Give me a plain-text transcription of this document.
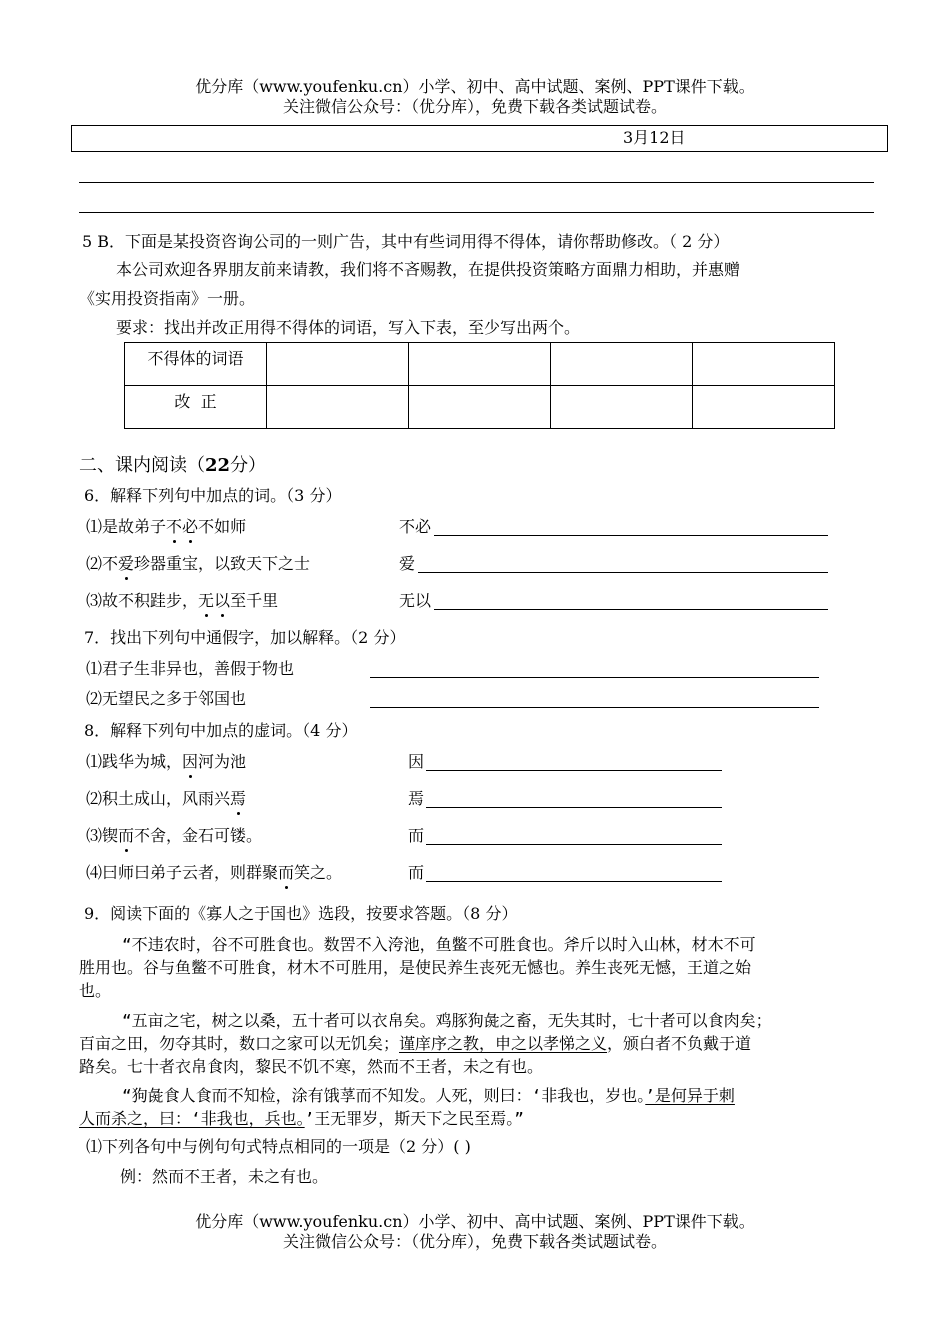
优分库（www.youfenku.cn）小学、初中、高中试题、案例、PPT课件下载。
关注微信公众号：（优分库），免费下载各类试题试卷。
3月12日
5 B．下面是某投资咨询公司的一则广告，其中有些词用得不得体，请你帮助修改。（ 2 分）
本公司欢迎各界朋友前来请教，我们将不吝赐教，在提供投资策略方面鼎力相助，并惠赠
《实用投资指南》一册。
要求：找出并改正用得不得体的词语，写入下表，至少写出两个。
不得体的词语				
改  正				
二、课内阅读（22分）
6．解释下列句中加点的词。（3 分）
⑴是故弟子不必不如师	不必
⑵不爱珍器重宝，以致天下之士	爱
⑶故不积跬步，无以至千里	无以
7．找出下列句中通假字，加以解释。（2 分）
⑴君子生非异也，善假于物也
⑵无望民之多于邻国也
8．解释下列句中加点的虚词。（4 分）
⑴践华为城，因河为池	因
⑵积土成山，风雨兴焉	焉
⑶锲而不舍，金石可镂。	而
⑷曰师曰弟子云者，则群聚而笑之。	而
9．阅读下面的《寡人之于国也》选段，按要求答题。（8 分）
“不违农时，谷不可胜食也。数罟不入洿池，鱼鳖不可胜食也。斧斤以时入山林，材木不可
胜用也。谷与鱼鳖不可胜食，材木不可胜用，是使民养生丧死无憾也。养生丧死无憾，王道之始
也。
“五亩之宅，树之以桑，五十者可以衣帛矣。鸡豚狗彘之畜，无失其时，七十者可以食肉矣；
百亩之田，勿夺其时，数口之家可以无饥矣；谨庠序之教，申之以孝悌之义，颁白者不负戴于道
路矣。七十者衣帛食肉，黎民不饥不寒，然而不王者，未之有也。
“狗彘食人食而不知检，涂有饿莩而不知发。人死，则曰：‘非我也，岁也。’是何异于刺
人而杀之，曰：‘非我也，兵也。’王无罪岁，斯天下之民至焉。”
⑴下列各句中与例句句式特点相同的一项是（2 分）( )
例：然而不王者，未之有也。
优分库（www.youfenku.cn）小学、初中、高中试题、案例、PPT课件下载。
关注微信公众号：（优分库），免费下载各类试题试卷。
